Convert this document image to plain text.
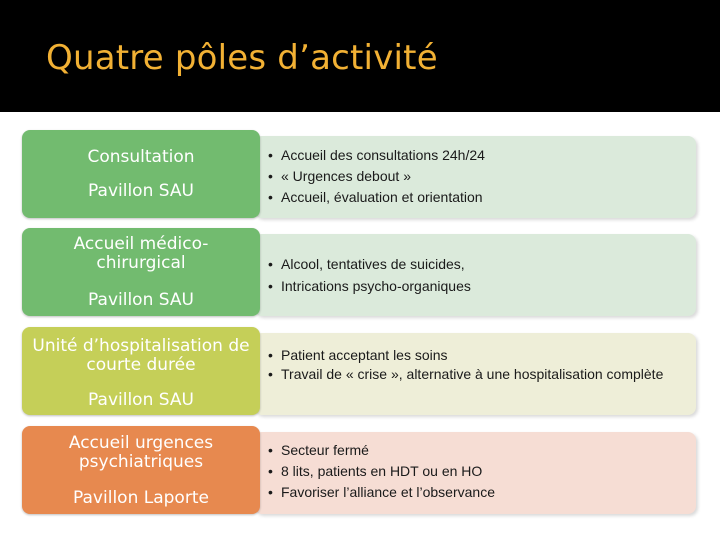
Quatre pôles d’activité
• Accueil des consultations 24h/24
• « Urgences debout »
• Accueil, évaluation et orientation
Consultation
Pavillon SAU
• Alcool, tentatives de suicides,
• Intrications psycho-organiques
Accueil médico-chirurgical
Pavillon SAU
• Patient acceptant les soins
• Travail de « crise », alternative à une hospitalisation complète
Unité d’hospitalisation de courte durée
Pavillon SAU
• Secteur fermé
• 8 lits, patients en HDT ou en HO
• Favoriser l’alliance et l’observance
Accueil urgences psychiatriques
Pavillon Laporte
